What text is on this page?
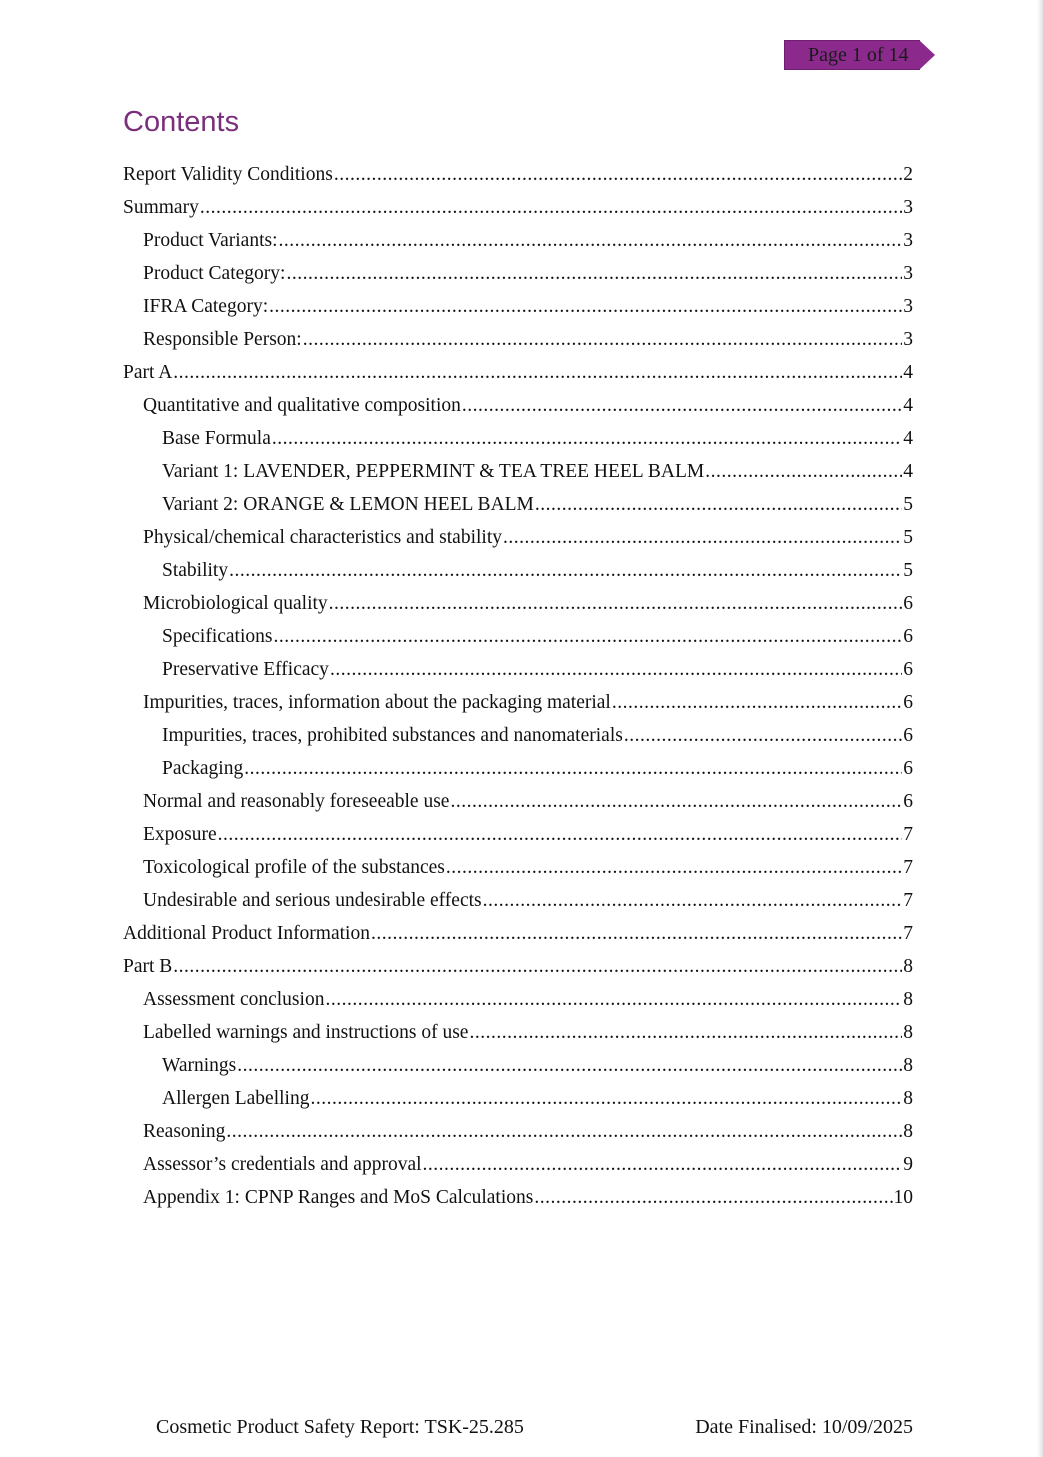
Page 1 of 14
Contents
Report Validity Conditions .....	2
Summary .....	3
Product Variants: .....	3
Product Category: .....	3
IFRA Category: .....	3
Responsible Person: .....	3
Part A .....	4
Quantitative and qualitative composition .....	4
Base Formula .....	4
Variant 1: LAVENDER, PEPPERMINT & TEA TREE HEEL BALM .....	4
Variant 2: ORANGE & LEMON HEEL BALM .....	5
Physical/chemical characteristics and stability .....	5
Stability .....	5
Microbiological quality .....	6
Specifications .....	6
Preservative Efficacy .....	6
Impurities, traces, information about the packaging material .....	6
Impurities, traces, prohibited substances and nanomaterials .....	6
Packaging .....	6
Normal and reasonably foreseeable use .....	6
Exposure .....	7
Toxicological profile of the substances .....	7
Undesirable and serious undesirable effects .....	7
Additional Product Information .....	7
Part B .....	8
Assessment conclusion .....	8
Labelled warnings and instructions of use .....	8
Warnings .....	8
Allergen Labelling .....	8
Reasoning .....	8
Assessor’s credentials and approval .....	9
Appendix 1: CPNP Ranges and MoS Calculations .....	10
Cosmetic Product Safety Report: TSK-25.285	Date Finalised: 10/09/2025
